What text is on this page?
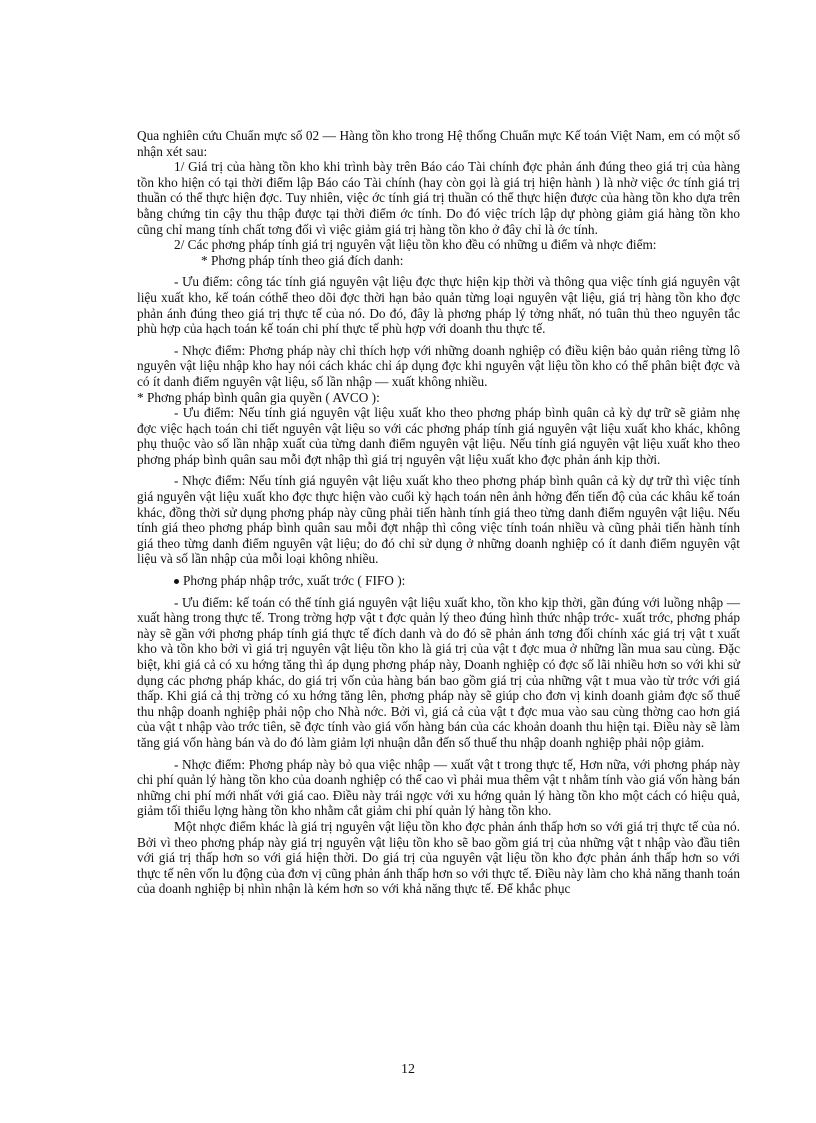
Qua nghiên cứu Chuẩn mực số 02 — Hàng tồn kho trong Hệ thống Chuẩn mực Kế toán Việt Nam, em có một số nhận xét sau:

1/ Giá trị của hàng tồn kho khi trình bày trên Báo cáo Tài chính đợc phản ánh đúng theo giá trị của hàng tồn kho hiện có tại thời điểm lập Báo cáo Tài chính (hay còn gọi là giá trị hiện hành ) là nhờ việc ớc tính giá trị thuần có thể thực hiện đợc. Tuy nhiên, việc ớc tính giá trị thuần có thể thực hiện được của hàng tồn kho dựa trên bằng chứng tin cậy thu thập được tại thời điểm ớc tính. Do đó việc trích lập dự phòng giảm giá hàng tồn kho cũng chỉ mang tính chất tơng đối vì việc giảm giá trị hàng tồn kho ở đây chỉ là ớc tính.

2/ Các phơng pháp tính giá trị nguyên vật liệu tồn kho đều có những u điểm và nhợc điểm:

* Phơng pháp tính theo giá đích danh:

- Ưu điểm: công tác tính giá nguyên vật liệu đợc thực hiện kịp thời và thông qua việc tính giá nguyên vật liệu xuất kho, kế toán cóthể theo dõi đợc thời hạn bảo quản từng loại nguyên vật liệu, giá trị hàng tồn kho đợc phản ánh đúng theo giá trị thực tế của nó. Do đó, đây là phơng pháp lý tởng nhất, nó tuân thủ theo nguyên tắc phù hợp của hạch toán kế toán chi phí thực tế phù hợp với doanh thu thực tế.

- Nhợc điểm: Phơng pháp này chỉ thích hợp với những doanh nghiệp có điều kiện bảo quản riêng từng lô nguyên vật liệu nhập kho hay nói cách khác chỉ áp dụng đợc khi nguyên vật liệu tồn kho có thể phân biệt đợc và có ít danh điểm nguyên vật liệu, số lần nhập — xuất không nhiều.

* Phơng pháp bình quân gia quyền ( AVCO ):

- Ưu điểm: Nếu tính giá nguyên vật liệu xuất kho theo phơng pháp bình quân cả kỳ dự trữ sẽ giảm nhẹ đợc việc hạch toán chi tiết nguyên vật liệu so với các phơng pháp tính giá nguyên vật liệu xuất kho khác, không phụ thuộc vào số lần nhập xuất của từng danh điểm nguyên vật liệu. Nếu tính giá nguyên vật liệu xuất kho theo phơng pháp bình quân sau mỗi đợt nhập thì giá trị nguyên vật liệu xuất kho đợc phản ánh kịp thời.

- Nhợc điểm: Nếu tính giá nguyên vật liệu xuất kho theo phơng pháp bình quân cả kỳ dự trữ thì việc tính giá nguyên vật liệu xuất kho đợc thực hiện vào cuối kỳ hạch toán nên ảnh hởng đến tiến độ của các khâu kế toán khác, đồng thời sử dụng phơng pháp này cũng phải tiến hành tính giá theo từng danh điểm nguyên vật liệu. Nếu tính giá theo phơng pháp bình quân sau mỗi đợt nhập thì công việc tính toán nhiều và cũng phải tiến hành tính giá theo từng danh điểm nguyên vật liệu; do đó chỉ sử dụng ở những doanh nghiệp có ít danh điểm nguyên vật liệu và số lần nhập của mỗi loại không nhiều.

Phơng pháp nhập trớc, xuất trớc ( FIFO ):

- Ưu điểm: kế toán có thể tính giá nguyên vật liệu xuất kho, tồn kho kịp thời, gần đúng với luồng nhập — xuất hàng trong thực tế. Trong trờng hợp vật t đợc quản lý theo đúng hình thức nhập trớc- xuất trớc, phơng pháp này sẽ gần với phơng pháp tính giá thực tế đích danh và do đó sẽ phản ánh tơng đối chính xác giá trị vật t xuất kho và tồn kho bởi vì giá trị nguyên vật liệu tồn kho là giá trị của vật t đợc mua ở những lần mua sau cùng. Đặc biệt, khi giá cả có xu hớng tăng thì áp dụng phơng pháp này, Doanh nghiệp có đợc số lãi nhiều hơn so với khi sử dụng các phơng pháp khác, do giá trị vốn của hàng bán bao gồm giá trị của những vật t mua vào từ trớc với giá thấp. Khi giá cả thị trờng có xu hớng tăng lên, phơng pháp này sẽ giúp cho đơn vị kinh doanh giảm đợc số thuế thu nhập doanh nghiệp phải nộp cho Nhà nớc. Bởi vì, giá cả của vật t đợc mua vào sau cùng thờng cao hơn giá của vật t nhập vào trớc tiên, sẽ đợc tính vào giá vốn hàng bán của các khoản doanh thu hiện tại. Điều này sẽ làm tăng giá vốn hàng bán và do đó làm giảm lợi nhuận dẫn đến số thuế thu nhập doanh nghiệp phải nộp giảm.

- Nhợc điểm: Phơng pháp này bỏ qua việc nhập — xuất vật t trong thực tế, Hơn nữa, với phơng pháp này chi phí quản lý hàng tồn kho của doanh nghiệp có thể cao vì phải mua thêm vật t nhằm tính vào giá vốn hàng bán những chi phí mới nhất với giá cao. Điều này trái ngợc với xu hớng quản lý hàng tồn kho một cách có hiệu quả, giảm tối thiểu lợng hàng tồn kho nhằm cắt giảm chi phí quản lý hàng tồn kho.

Một nhợc điểm khác là giá trị nguyên vật liệu tồn kho đợc phản ánh thấp hơn so với giá trị thực tế của nó. Bởi vì theo phơng pháp này giá trị nguyên vật liệu tồn kho sẽ bao gồm giá trị của những vật t nhập vào đầu tiên với giá trị thấp hơn so với giá hiện thời. Do giá trị của nguyên vật liệu tồn kho đợc phản ánh thấp hơn so với thực tế nên vốn lu động của đơn vị cũng phản ánh thấp hơn so với thực tế. Điều này làm cho khả năng thanh toán của doanh nghiệp bị nhìn nhận là kém hơn so với khả năng thực tế. Để khắc phục

12
